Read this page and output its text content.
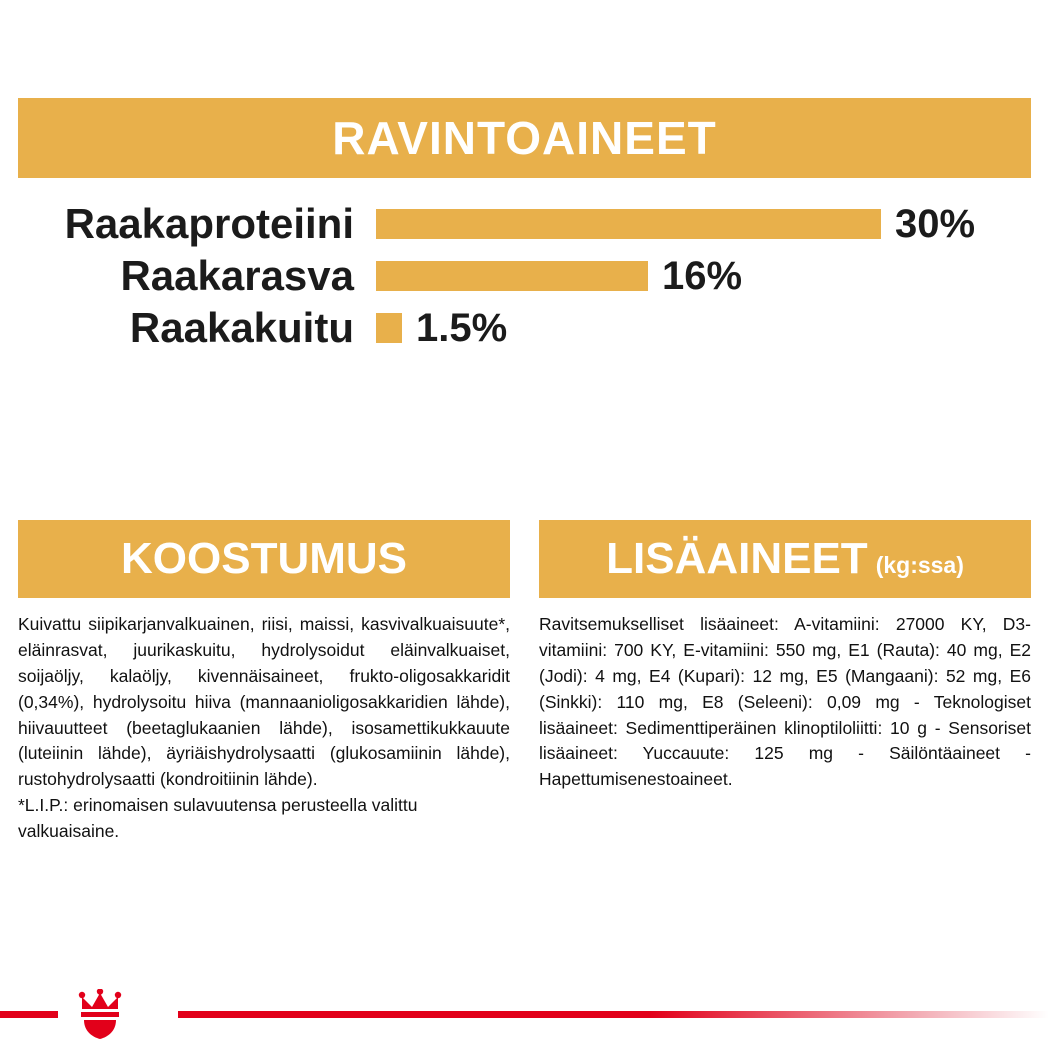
RAVINTOAINEET
Raakaproteiini	30%
Raakarasva	16%
Raakakuitu	1.5%
KOOSTUMUS

Kuivattu siipikarjanvalkuainen, riisi, maissi, kasvivalkuaisuute*, eläinrasvat, juurikaskuitu, hydrolysoidut eläinvalkuaiset, soijaöljy, kalaöljy, kivennäisaineet, frukto-oligosakkaridit (0,34%), hydrolysoitu hiiva (mannaanioligosakkaridien lähde), hiivauutteet (beetaglukaanien lähde), isosamettikukkauute (luteiinin lähde), äyriäishydrolysaatti (glukosamiinin lähde), rustohydrolysaatti (kondroitiinin lähde).

*L.I.P.: erinomaisen sulavuutensa perusteella valittu valkuaisaine.

LISÄAINEET (kg:ssa)

Ravitsemukselliset lisäaineet: A-vitamiini: 27000 KY, D3-vitamiini: 700 KY, E-vitamiini: 550 mg, E1 (Rauta): 40 mg, E2 (Jodi): 4 mg, E4 (Kupari): 12 mg, E5 (Mangaani): 52 mg, E6 (Sinkki): 110 mg, E8 (Seleeni): 0,09 mg - Teknologiset lisäaineet: Sedimenttiperäinen klinoptiloliitti: 10 g - Sensoriset lisäaineet: Yuccauute: 125 mg - Säilöntäaineet - Hapettumisenestoaineet.
